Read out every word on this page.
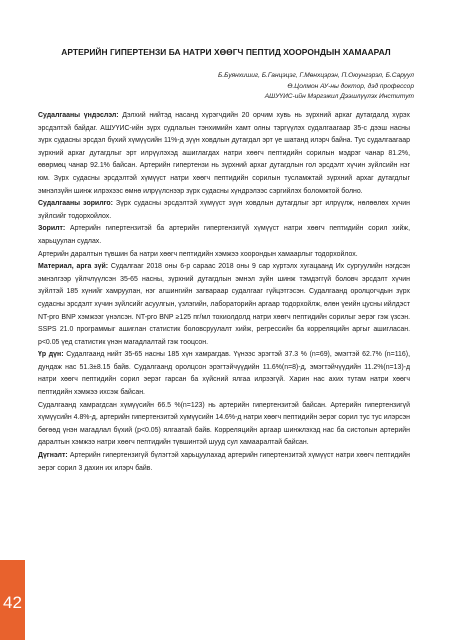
АРТЕРИЙН ГИПЕРТЕНЗИ БА НАТРИ ХӨӨГЧ ПЕПТИД ХООРОНДЫН ХАМААРАЛ
Б.Буянхишиг, Б.Ганцэцэг, Г.Мөнхцэрэн, П.Оюунгэрэл, Б.Саруул
Ө.Цолмон АУ-ны доктор, дэд профессор
АШУҮИС-ийн Мэргэжил Дээшлүүлэх Институт

Судалгааны үндэслэл: Дэлхий нийтэд насанд хүрэгчдийн 20 орчим хувь нь зүрхний архаг дутагдалд хүрэх эрсдэлтэй байдаг. АШУҮИС-ийн зүрх судлалын тэнхимийн хамт олны тэргүүлэх судалгаагаар 35-с дээш насны зүрх судасны эрсдэл бүхий хүмүүсийн 11%-д зүүн ховдлын дутагдал эрт үе шатанд илэрч байна. Тус судалгаагаар зүрхний архаг дутагдлыг эрт илрүүлэхэд ашиглагдах натри хөөгч пептидийн сорилын мэдрэг чанар 81.2%, өвөрмөц чанар 92.1% байсан. Артерийн гипертензи нь зүрхний архаг дутагдлын гол эрсдэлт хүчин зүйлсийн нэг юм. Зүрх судасны эрсдэлтэй хүмүүст натри хөөгч пептидийн сорилын тусламжтай зүрхний архаг дутагдлыг эмнэлзүйн шинж илрэхээс өмнө илрүүлснээр зүрх судасны хүндрэлээс сэргийлэх боломжтой болно.

Судалгааны зорилго: Зүрх судасны эрсдэлтэй хүмүүст зүүн ховдлын дутагдлыг эрт илрүүлж, нөлөөлөх хүчин зүйлсийг тодорхойлох.

Зорилт: Артерийн гипертензитэй ба артерийн гипертензигүй хүмүүст натри хөөгч пептидийн сорил хийж, харьцуулан судлах.

Артерийн даралтын түвшин ба натри хөөгч пептидийн хэмжээ хоорондын хамаарлыг тодорхойлох.

Материал, арга зүй: Судалгааг 2018 оны 6-р сараас 2018 оны 9 сар хүртэлх хугацаанд Их сургуулийн нэгдсэн эмнэлгээр үйлчлүүлсэн 35-65 насны, зүрхний дутагдлын эмнэл зүйн шинж тэмдэггүй боловч эрсдэлт хүчин зүйлтэй 185 хүнийг хамруулан, нэг агшингийн загвараар судалгааг гүйцэтгэсэн. Судалгаанд оролцогчдын зүрх судасны эрсдэлт хүчин зүйлсийг асуулгын, үзлэгийн, лабораторийн аргаар тодорхойлж, өлөн үеийн цусны ийлдэст NT-pro BNP хэмжээг үнэлсэн. NT-pro BNP ≥125 пг/мл тохиолдолд натри хөөгч пептидийн сорилыг эерэг гэж үзсэн. SSPS 21.0 программыг ашиглан статистик боловсруулалт хийж, регрессийн ба корреляцийн аргыг ашигласан. p<0.05 үед статистик үнэн магадлалтай гэж тооцсон.

Үр дүн: Судалгаанд нийт 35-65 насны 185 хүн хамрагдав. Үүнээс эрэгтэй 37.3 % (n=69), эмэгтэй 62.7% (n=116), дундаж нас 51.3±8.15 байв. Судалгаанд оролцсон эрэгтэйчүүдийн 11.6%(n=8)-д, эмэгтэйчүүдийн 11.2%(n=13)-д натри хөөгч пептидийн сорил эерэг гарсан ба хүйсний ялгаа илрээгүй. Харин нас ахих тутам натри хөөгч пептидийн хэмжээ ихсэж байсан.

Судалгаанд хамрагдсан хүмүүсийн 66.5 %(n=123) нь артерийн гипертензитэй байсан. Артерийн гипертензигүй хүмүүсийн 4.8%-д, артерийн гипертензитэй хүмүүсийн 14.6%-д натри хөөгч пептидийн эерэг сорил тус тус илэрсэн бөгөөд үнэн магадлал бүхий (p<0.05) ялгаатай байв. Корреляцийн аргаар шинжлэхэд нас ба систолын артерийн даралтын хэмжээ натри хөөгч пептидийн түвшинтэй шууд сул хамааралтай байсан.

Дүгнэлт: Артерийн гипертензигүй бүлэгтэй харьцуулахад артерийн гипертензитэй хүмүүст натри хөөгч пептидийн эерэг сорил 3 дахин их илэрч байв.

42
